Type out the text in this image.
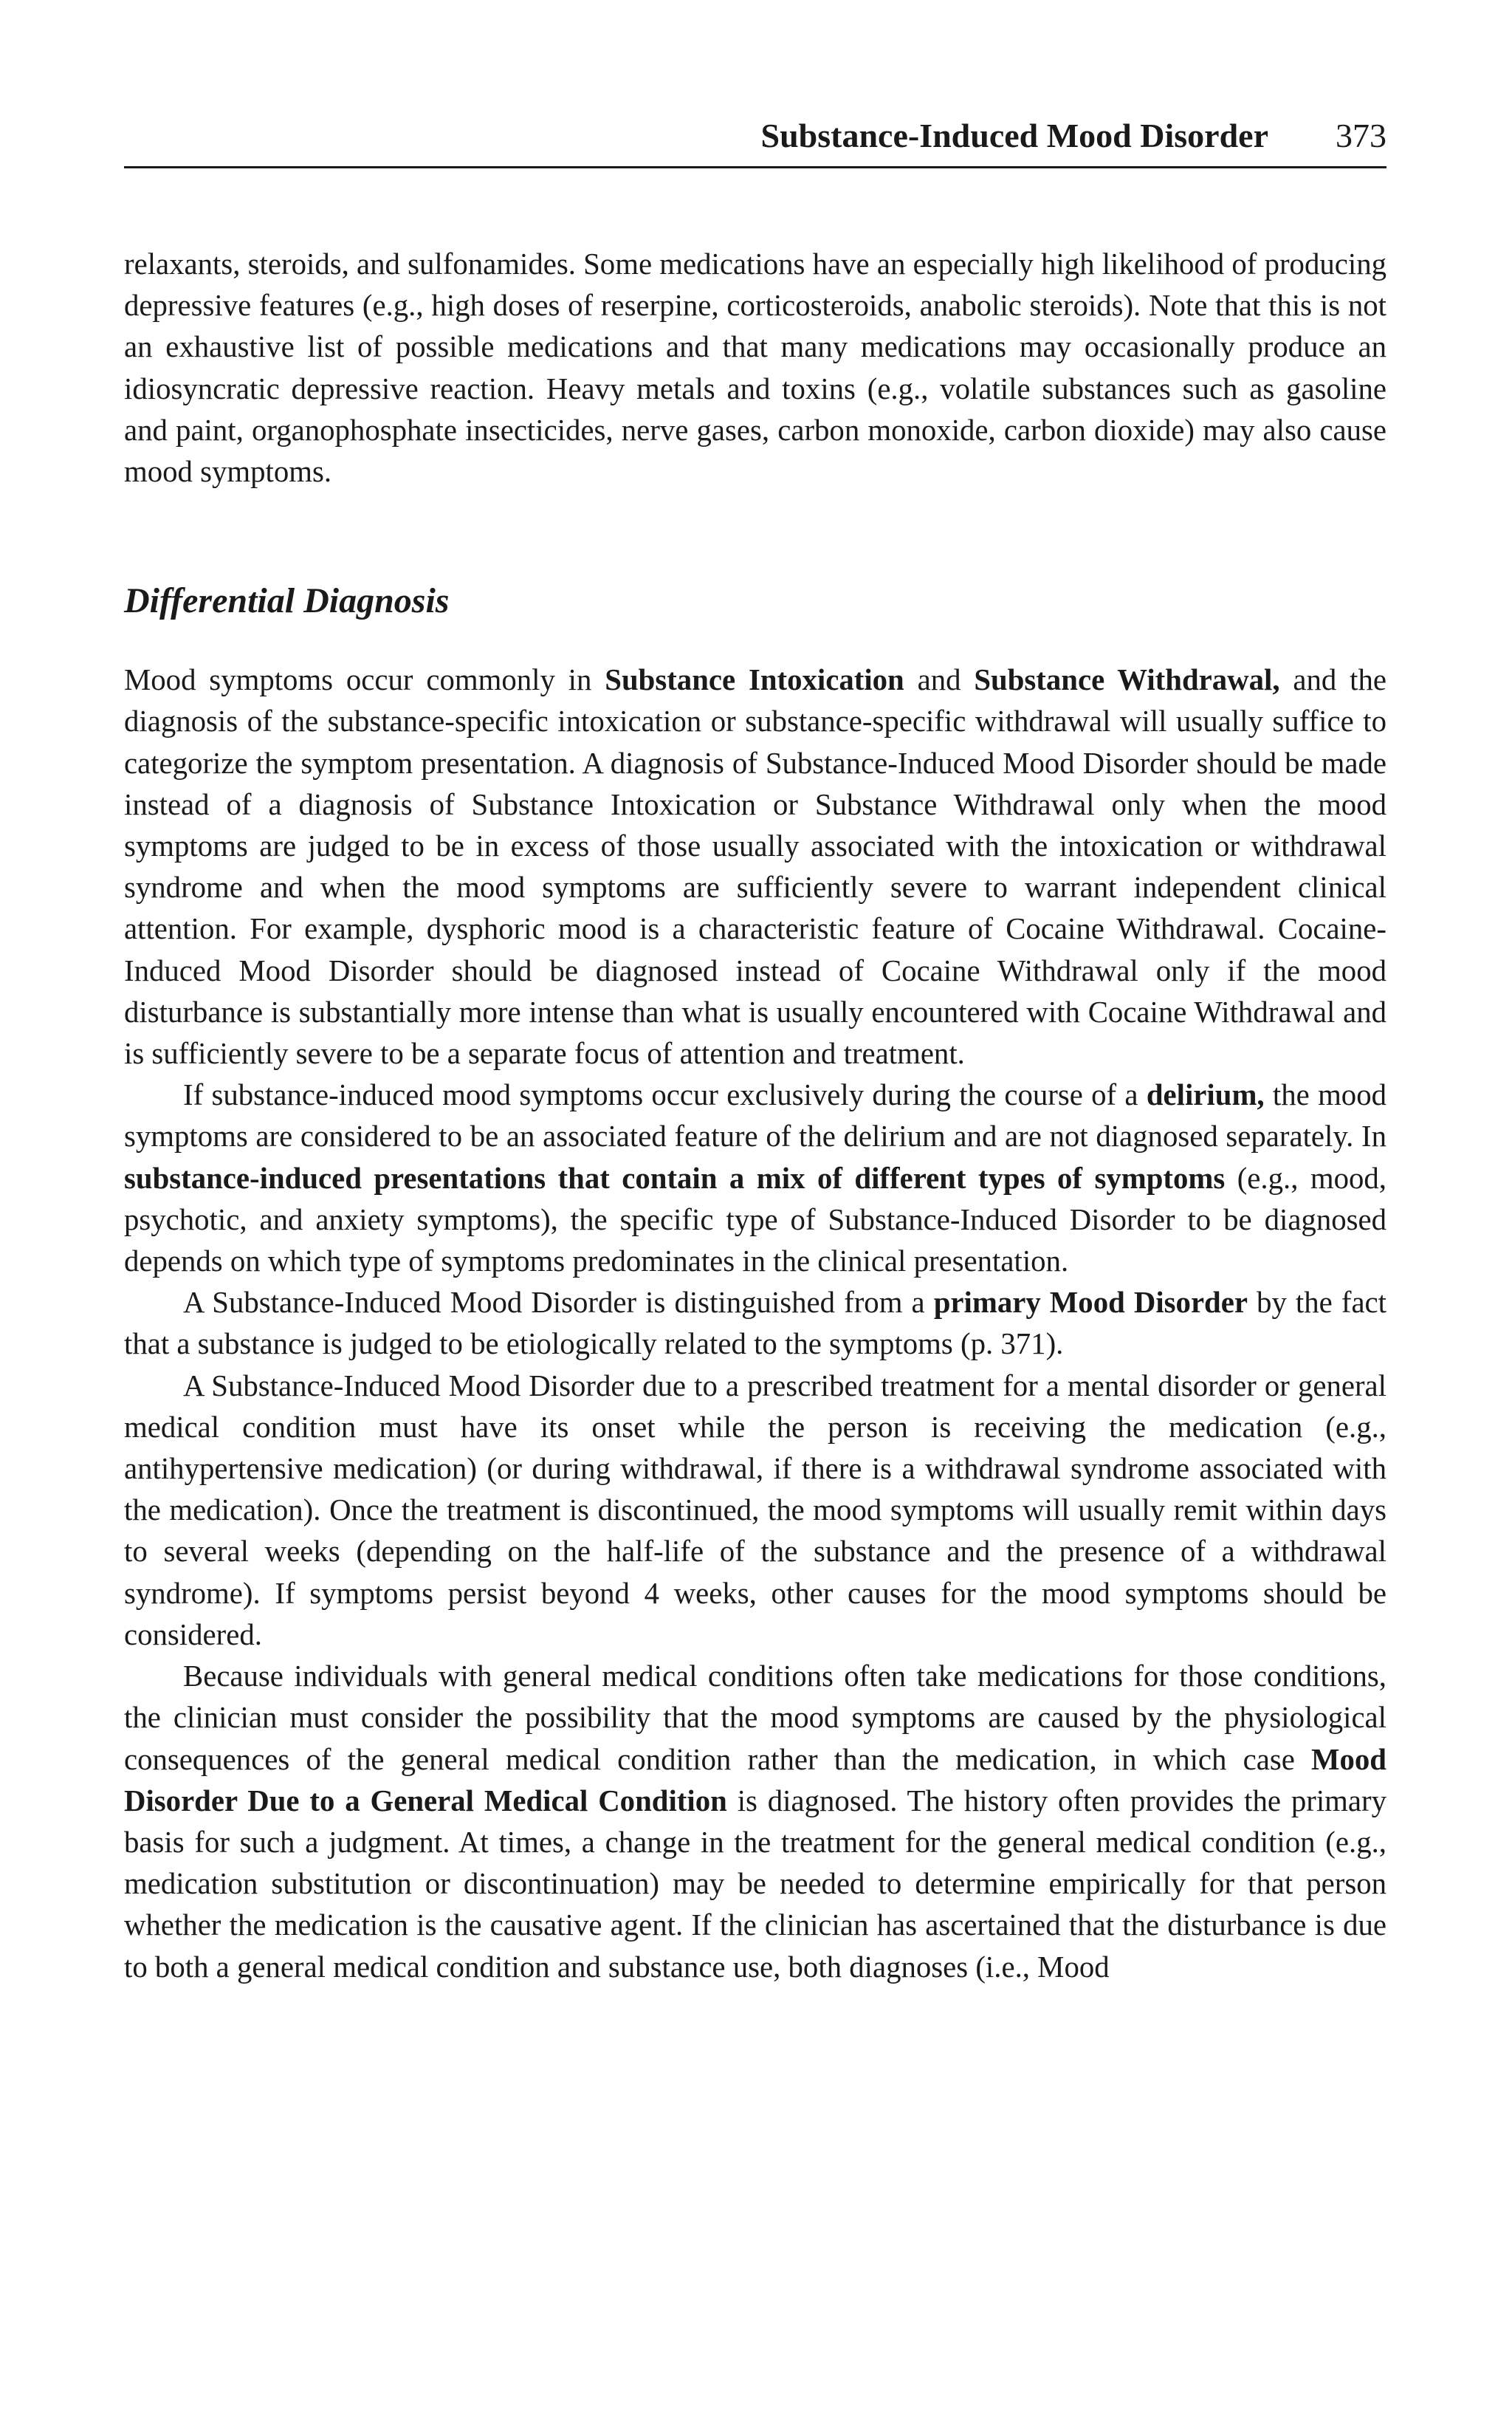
Substance-Induced Mood Disorder 373

relaxants, steroids, and sulfonamides. Some medications have an especially high likelihood of producing depressive features (e.g., high doses of reserpine, corticosteroids, anabolic steroids). Note that this is not an exhaustive list of possible medications and that many medications may occasionally produce an idiosyncratic depressive reaction. Heavy metals and toxins (e.g., volatile substances such as gasoline and paint, organophosphate insecticides, nerve gases, carbon monoxide, carbon dioxide) may also cause mood symptoms.

Differential Diagnosis

Mood symptoms occur commonly in Substance Intoxication and Substance Withdrawal, and the diagnosis of the substance-specific intoxication or substance-specific withdrawal will usually suffice to categorize the symptom presentation. A diagnosis of Substance-Induced Mood Disorder should be made instead of a diagnosis of Substance Intoxication or Substance Withdrawal only when the mood symptoms are judged to be in excess of those usually associated with the intoxication or withdrawal syndrome and when the mood symptoms are sufficiently severe to warrant independent clinical attention. For example, dysphoric mood is a characteristic feature of Cocaine Withdrawal. Cocaine-Induced Mood Disorder should be diagnosed instead of Cocaine Withdrawal only if the mood disturbance is substantially more intense than what is usually encountered with Cocaine Withdrawal and is sufficiently severe to be a separate focus of attention and treatment.

If substance-induced mood symptoms occur exclusively during the course of a delirium, the mood symptoms are considered to be an associated feature of the delirium and are not diagnosed separately. In substance-induced presentations that contain a mix of different types of symptoms (e.g., mood, psychotic, and anxiety symptoms), the specific type of Substance-Induced Disorder to be diagnosed depends on which type of symptoms predominates in the clinical presentation.

A Substance-Induced Mood Disorder is distinguished from a primary Mood Disorder by the fact that a substance is judged to be etiologically related to the symptoms (p. 371).

A Substance-Induced Mood Disorder due to a prescribed treatment for a mental disorder or general medical condition must have its onset while the person is receiving the medication (e.g., antihypertensive medication) (or during withdrawal, if there is a withdrawal syndrome associated with the medication). Once the treatment is discontinued, the mood symptoms will usually remit within days to several weeks (depending on the half-life of the substance and the presence of a withdrawal syndrome). If symptoms persist beyond 4 weeks, other causes for the mood symptoms should be considered.

Because individuals with general medical conditions often take medications for those conditions, the clinician must consider the possibility that the mood symptoms are caused by the physiological consequences of the general medical condition rather than the medication, in which case Mood Disorder Due to a General Medical Condition is diagnosed. The history often provides the primary basis for such a judgment. At times, a change in the treatment for the general medical condition (e.g., medication substitution or discontinuation) may be needed to determine empirically for that person whether the medication is the causative agent. If the clinician has ascertained that the disturbance is due to both a general medical condition and substance use, both diagnoses (i.e., Mood
